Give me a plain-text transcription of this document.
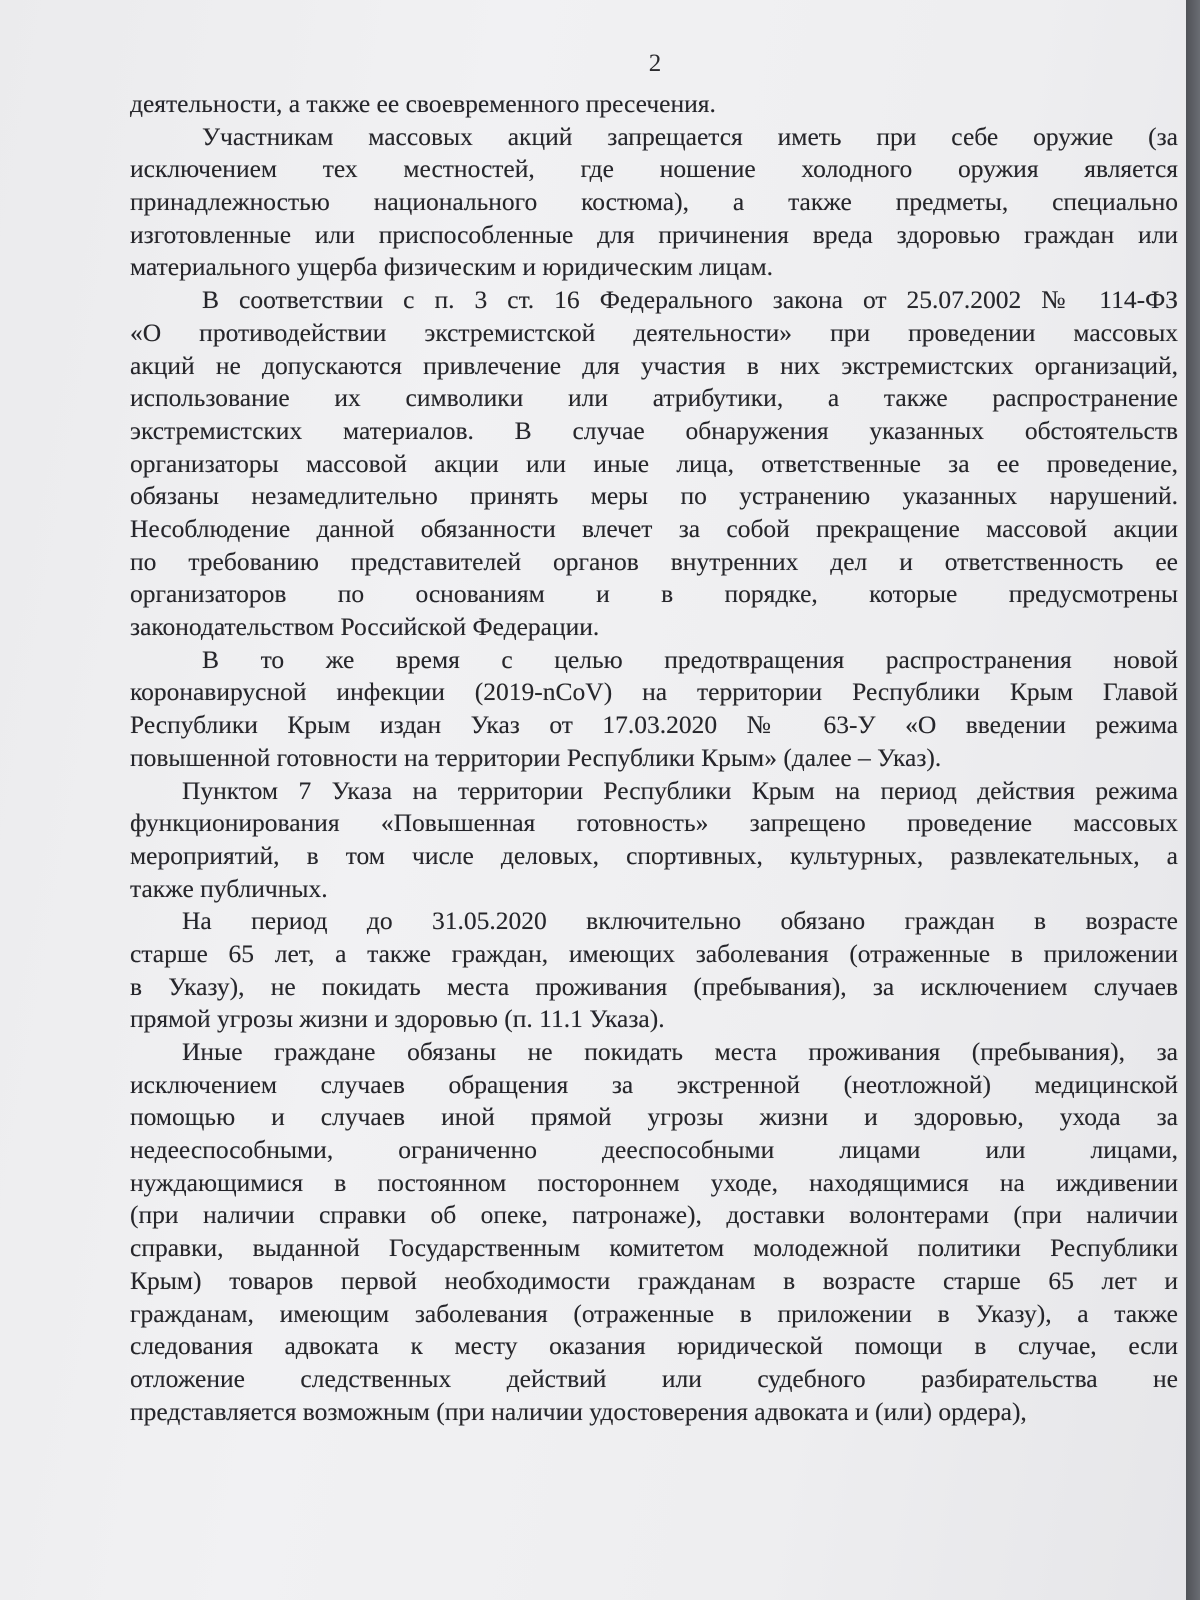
2
деятельности, а также ее своевременного пресечения.
Участникам массовых акций запрещается иметь при себе оружие (за
исключением тех местностей, где ношение холодного оружия является
принадлежностью национального костюма), а также предметы, специально
изготовленные или приспособленные для причинения вреда здоровью граждан или
материального ущерба физическим и юридическим лицам.
В соответствии с п. 3 ст. 16 Федерального закона от 25.07.2002 № 114-ФЗ
«О противодействии экстремистской деятельности» при проведении массовых
акций не допускаются привлечение для участия в них экстремистских организаций,
использование их символики или атрибутики, а также распространение
экстремистских материалов. В случае обнаружения указанных обстоятельств
организаторы массовой акции или иные лица, ответственные за ее проведение,
обязаны незамедлительно принять меры по устранению указанных нарушений.
Несоблюдение данной обязанности влечет за собой прекращение массовой акции
по требованию представителей органов внутренних дел и ответственность ее
организаторов по основаниям и в порядке, которые предусмотрены
законодательством Российской Федерации.
В то же время с целью предотвращения распространения новой
коронавирусной инфекции (2019-nCoV) на территории Республики Крым Главой
Республики Крым издан Указ от 17.03.2020 № 63-У «О введении режима
повышенной готовности на территории Республики Крым» (далее – Указ).
Пунктом 7 Указа на территории Республики Крым на период действия режима
функционирования «Повышенная готовность» запрещено проведение массовых
мероприятий, в том числе деловых, спортивных, культурных, развлекательных, а
также публичных.
На период до 31.05.2020 включительно обязано граждан в возрасте
старше 65 лет, а также граждан, имеющих заболевания (отраженные в приложении
в Указу), не покидать места проживания (пребывания), за исключением случаев
прямой угрозы жизни и здоровью (п. 11.1 Указа).
Иные граждане обязаны не покидать места проживания (пребывания), за
исключением случаев обращения за экстренной (неотложной) медицинской
помощью и случаев иной прямой угрозы жизни и здоровью, ухода за
недееспособными, ограниченно дееспособными лицами или лицами,
нуждающимися в постоянном постороннем уходе, находящимися на иждивении
(при наличии справки об опеке, патронаже), доставки волонтерами (при наличии
справки, выданной Государственным комитетом молодежной политики Республики
Крым) товаров первой необходимости гражданам в возрасте старше 65 лет и
гражданам, имеющим заболевания (отраженные в приложении в Указу), а также
следования адвоката к месту оказания юридической помощи в случае, если
отложение следственных действий или судебного разбирательства не
представляется возможным (при наличии удостоверения адвоката и (или) ордера),
